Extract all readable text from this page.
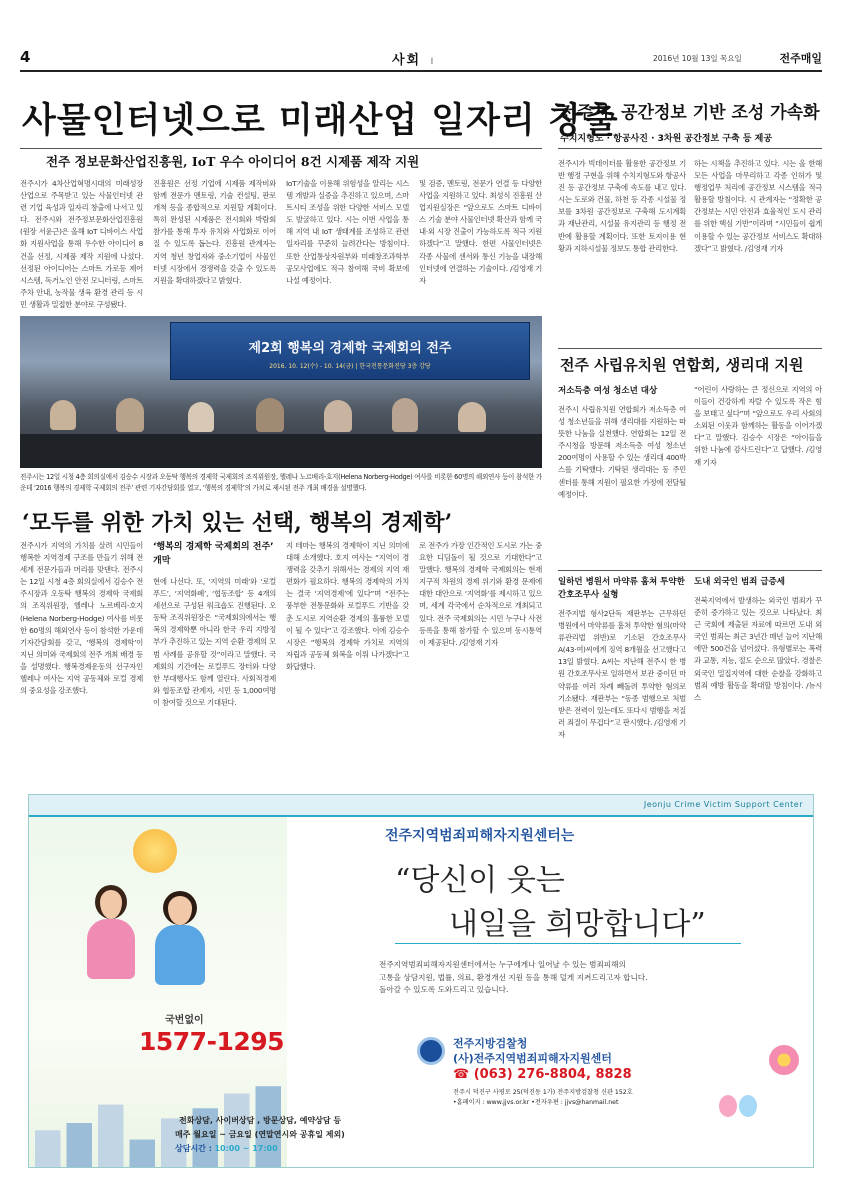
4	사회 I	2016년 10월 13일 목요일	전주매일
사물인터넷으로 미래산업 일자리 창출
전주 정보문화산업진흥원, IoT 우수 아이디어 8건 시제품 제작 지원

전주시가 4차산업혁명시대의 미래성장산업으로 주목받고 있는 사물인터넷 관련 기업 육성과 일자리 창출에 나서고 있다. 전주시와 전주정보문화산업진흥원(원장 서윤근)은 올해 IoT 디바이스 사업화 지원사업을 통해 우수한 아이디어 8건을 선정, 시제품 제작 지원에 나섰다. 선정된 아이디어는 스마트 가로등 제어 시스템, 독거노인 안전 모니터링, 스마트 주차 안내, 농작물 생육 환경 관리 등 시민 생활과 밀접한 분야로 구성됐다.

진흥원은 선정 기업에 시제품 제작비와 함께 전문가 멘토링, 기술 컨설팅, 판로 개척 등을 종합적으로 지원할 계획이다. 특히 완성된 시제품은 전시회와 박람회 참가를 통해 투자 유치와 사업화로 이어질 수 있도록 돕는다. 진흥원 관계자는 지역 청년 창업자와 중소기업이 사물인터넷 시장에서 경쟁력을 갖출 수 있도록 지원을 확대하겠다고 밝혔다.

IoT기술을 이용해 위험성을 알리는 시스템 개발과 실증을 추진하고 있으며, 스마트시티 조성을 위한 다양한 서비스 모델도 발굴하고 있다. 시는 이번 사업을 통해 지역 내 IoT 생태계를 조성하고 관련 일자리를 꾸준히 늘려간다는 방침이다. 또한 산업통상자원부와 미래창조과학부 공모사업에도 적극 참여해 국비 확보에 나설 예정이다.

및 검증, 멘토링, 전문가 연결 등 다양한 사업을 지원하고 있다. 최성식 진흥원 산업지원실장은 “앞으로도 스마트 디바이스 기술 분야 사물인터넷 확산과 함께 국내·외 시장 진출이 가능하도록 적극 지원하겠다”고 말했다. 한편 사물인터넷은 각종 사물에 센서와 통신 기능을 내장해 인터넷에 연결하는 기술이다. /김영재 기자

제2회 행복의 경제학 국제회의 전주
2016. 10. 12(수) - 10. 14(금) | 한국전통문화전당 3층 강당

전주시는 12일 시청 4층 회의실에서 김승수 시장과 오동탁 행복의 경제학 국제회의 조직위원장, 헬레나 노르베리-호지(Helena Norberg-Hodge) 여사를 비롯한 60명의 해외연사 등이 참석한 가운데 ‘2016 행복의 경제학 국제회의 전주’ 관련 기자간담회를 열고, ‘행복의 경제학’의 가치로 제시된 전주 개최 배경을 설명했다.

‘모두를 위한 가치 있는 선택, 행복의 경제학’

전주시가 지역의 가치를 살려 시민들이 행복한 지역경제 구조를 만들기 위해 전 세계 전문가들과 머리를 맞댄다. 전주시는 12일 시청 4층 회의실에서 김승수 전주시장과 오동탁 행복의 경제학 국제회의 조직위원장, 헬레나 노르베리-호지(Helena Norberg-Hodge) 여사를 비롯한 60명의 해외연사 등이 참석한 가운데 기자간담회를 갖고, ‘행복의 경제학’이 지닌 의미와 국제회의 전주 개최 배경 등을 설명했다. 행복경제운동의 선구자인 헬레나 여사는 지역 공동체와 로컬 경제의 중요성을 강조했다.

‘행복의 경제학 국제회의 전주’ 개막

현에 나선다. 또, ‘지역의 미래’와 ‘로컬푸드’, ‘지역화폐’, ‘협동조합’ 등 4개의 세션으로 구성된 워크숍도 진행된다. 오동탁 조직위원장은 “국제회의에서는 행복의 경제학뿐 아니라 한국 우리 지방정부가 추진하고 있는 지역 순환 경제의 모범 사례를 공유할 것”이라고 말했다. 국제회의 기간에는 로컬푸드 장터와 다양한 부대행사도 함께 열린다. 사회적경제와 협동조합 관계자, 시민 등 1,000여명이 참여할 것으로 기대된다.

지 테마는 행복의 경제학이 지닌 의미에 대해 소개했다. 호지 여사는 “지역이 경쟁력을 갖추기 위해서는 경제의 지역 재편화가 필요하다. 행복의 경제학의 가치는 결국 ‘지역경제’에 있다”며 “전주는 풍부한 전통문화와 로컬푸드 기반을 갖춘 도시로 지역순환 경제의 훌륭한 모델이 될 수 있다”고 강조했다. 이에 김승수 시장은 “행복의 경제학 가치로 지역의 자립과 공동체 회복을 이뤄 나가겠다”고 화답했다.

로 전주가 가장 인간적인 도시로 가는 중요한 디딤돌이 될 것으로 기대한다”고 말했다. 행복의 경제학 국제회의는 현재 지구적 차원의 경제 위기와 환경 문제에 대한 대안으로 ‘지역화’를 제시하고 있으며, 세계 각국에서 순차적으로 개최되고 있다. 전주 국제회의는 시민 누구나 사전 등록을 통해 참가할 수 있으며 동시통역이 제공된다. /김영재 기자

전주시, 공간정보 기반 조성 가속화
수치지형도 · 항공사진 · 3차원 공간정보 구축 등 제공

전주시가 빅데이터를 활용한 공간정보 기반 행정 구현을 위해 수치지형도와 항공사진 등 공간정보 구축에 속도를 내고 있다. 시는 도로와 건물, 하천 등 각종 시설물 정보를 3차원 공간정보로 구축해 도시계획과 재난관리, 시설물 유지관리 등 행정 전반에 활용할 계획이다. 또한 토지이용 현황과 지하시설물 정보도 통합 관리한다.

하는 시책을 추진하고 있다. 시는 올 한해 모든 사업을 마무리하고 각종 인허가 및 행정업무 처리에 공간정보 시스템을 적극 활용할 방침이다. 시 관계자는 “정확한 공간정보는 시민 안전과 효율적인 도시 관리를 위한 핵심 기반”이라며 “시민들이 쉽게 이용할 수 있는 공간정보 서비스도 확대하겠다”고 밝혔다. /김영재 기자

전주 사립유치원 연합회, 생리대 지원
저소득층 여성 청소년 대상

전주시 사립유치원 연합회가 저소득층 여성 청소년들을 위해 생리대를 지원하는 따뜻한 나눔을 실천했다. 연합회는 12일 전주시청을 방문해 저소득층 여성 청소년 200여명이 사용할 수 있는 생리대 400박스를 기탁했다. 기탁된 생리대는 동 주민센터를 통해 지원이 필요한 가정에 전달될 예정이다.

“어린이 사랑하는 큰 정신으로 지역의 아이들이 건강하게 자랄 수 있도록 작은 힘을 보태고 싶다”며 “앞으로도 우리 사회의 소외된 이웃과 함께하는 활동을 이어가겠다”고 말했다. 김승수 시장은 “아이들을 위한 나눔에 감사드린다”고 답했다. /김영재 기자

일하던 병원서 마약류 훔쳐 투약한 간호조무사 실형

전주지법 형사2단독 재판부는 근무하던 병원에서 마약류를 훔쳐 투약한 혐의(마약류관리법 위반)로 기소된 간호조무사 A(43·여)씨에게 징역 8개월을 선고했다고 13일 밝혔다. A씨는 지난해 전주시 한 병원 간호조무사로 일하면서 보관 중이던 마약류를 여러 차례 빼돌려 투약한 혐의로 기소됐다. 재판부는 “동종 범행으로 처벌 받은 전력이 있는데도 또다시 범행을 저질러 죄질이 무겁다”고 판시했다. /김영재 기자

도내 외국인 범죄 급증세

전북지역에서 발생하는 외국인 범죄가 꾸준히 증가하고 있는 것으로 나타났다. 최근 국회에 제출된 자료에 따르면 도내 외국인 범죄는 최근 3년간 매년 늘어 지난해에만 500건을 넘어섰다. 유형별로는 폭력과 교통, 지능, 절도 순으로 많았다. 경찰은 외국인 밀집지역에 대한 순찰을 강화하고 범죄 예방 활동을 확대할 방침이다. /뉴시스

Jeonju Crime Victim Support Center
국번없이
1577-1295
전주지역범죄피해자지원센터는
“당신이 웃는
내일을 희망합니다”
전주지역범죄피해자지원센터에서는 누구에게나 일어날 수 있는 범죄피해의
고통을 상담지원, 법률, 의료, 환경개선 지원 등을 통해 덜게 지켜드리고자 합니다.
돌아갈 수 있도록 도와드리고 있습니다.
전화상담, 사이버상담 , 방문상담, 예약상담 등
매주 월요일 ~ 금요일 (연말연시와 공휴일 제외)
상담시간 : 10:00 ~ 17:00
전주지방검찰청
(사)전주지역범죄피해자지원센터
☎ (063) 276-8804, 8828
전주시 덕진구 사평로 25(덕진동 1가) 전주지방검찰청 신관 152호
•홈페이지 : www.jjvs.or.kr •전자우편 : jjvs@hanmail.net
